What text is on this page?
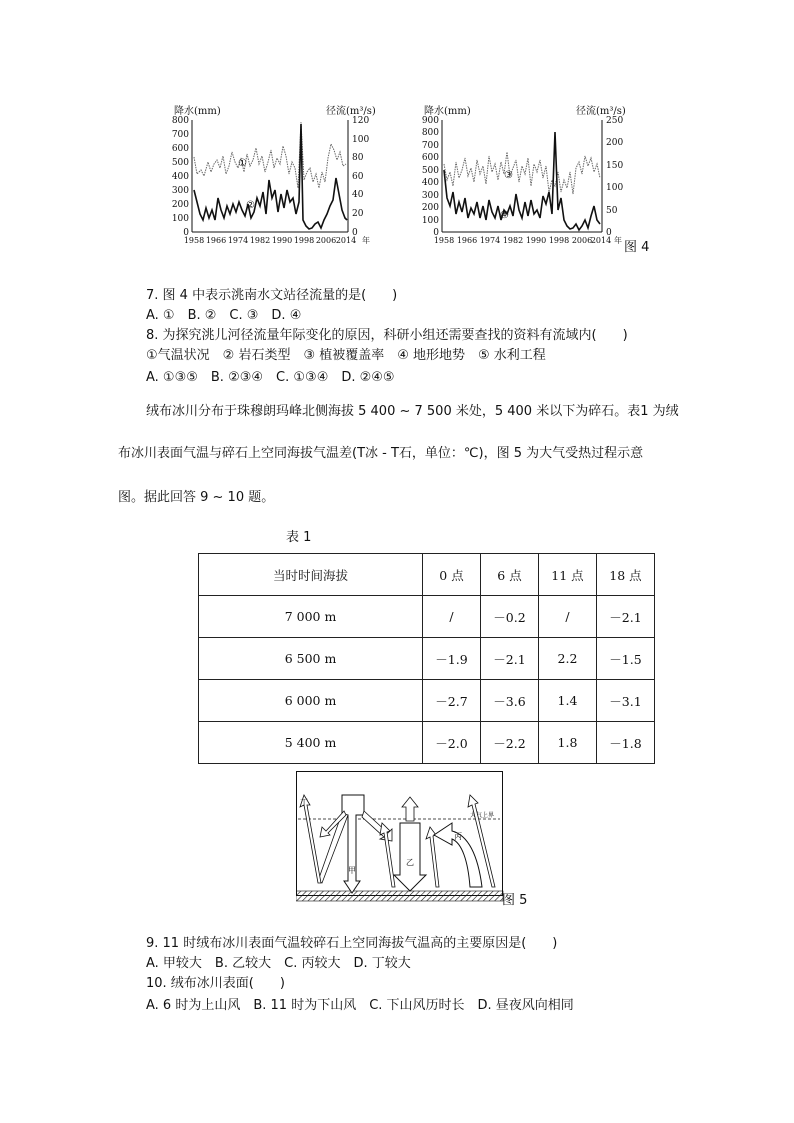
降水(mm)	径流(m³/s)
0
100
200
300
400
500
600
700
800
0
20
40
60
80
100
120
1958 1966 1974 1982 1990 1998 2006 2014 年
①
②
降水(mm)	径流(m³/s)
0
100
200
300
400
500
600
700
800
900
0
50
100
150
200
250
1958 1966 1974 1982 1990 1998 2006
2014 年
③
④
图 4
7. 图 4 中表示洮南水文站径流量的是(　　)
A. ①　B. ②　C. ③　D. ④
8. 为探究洮儿河径流量年际变化的原因，科研小组还需要查找的资料有流域内(　　)
①气温状况　② 岩石类型　③ 植被覆盖率　④ 地形地势　⑤ 水利工程
A. ①③⑤　B. ②③④　C. ①③④　D. ②④⑤
绒布冰川分布于珠穆朗玛峰北侧海拔 5 400 ~ 7 500 米处，5 400 米以下为碎石。表1 为绒
布冰川表面气温与碎石上空同海拔气温差(T冰 - T石，单位：℃)，图 5 为大气受热过程示意
图。据此回答 9 ~ 10 题。
表 1
当时时间海拔	0 点	6 点	11 点	18 点
7 000 m	/	－0.2	/	－2.1
6 500 m	－1.9	－2.1	2.2	－1.5
6 000 m	－2.7	－3.6	1.4	－3.1
5 400 m	－2.0	－2.2	1.8	－1.8
大气上界
甲
丁
乙
丙
图 5
9. 11 时绒布冰川表面气温较碎石上空同海拔气温高的主要原因是(　　)
A. 甲较大　B. 乙较大　C. 丙较大　D. 丁较大
10. 绒布冰川表面(　　)
A. 6 时为上山风　B. 11 时为下山风　C. 下山风历时长　D. 昼夜风向相同
